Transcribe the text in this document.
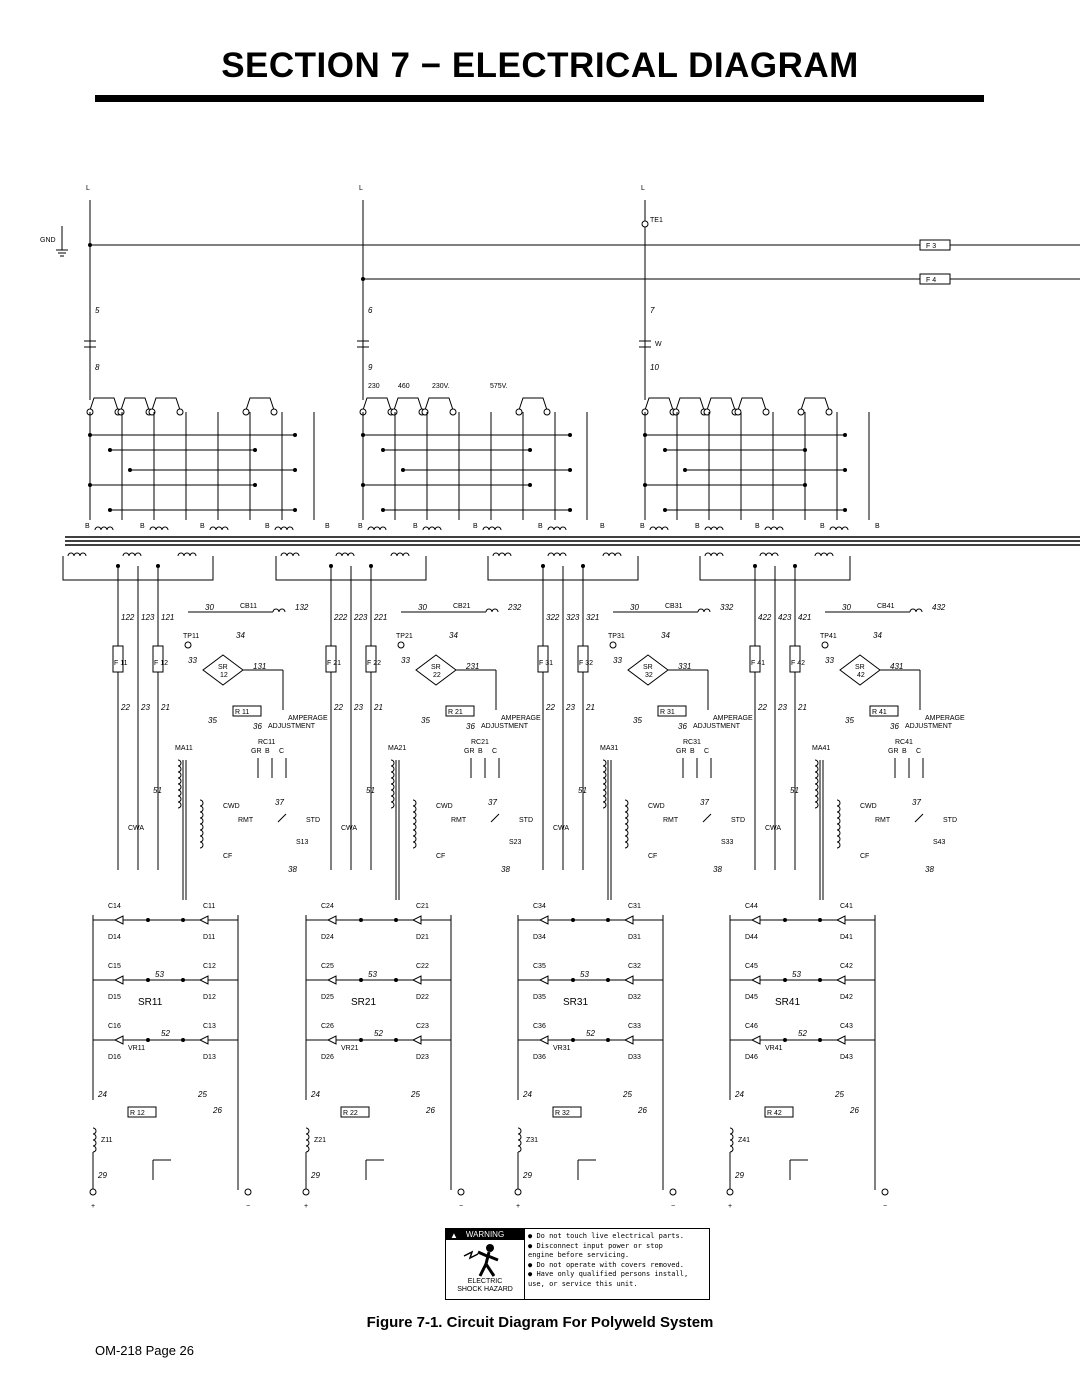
SECTION 7 − ELECTRICAL DIAGRAM
L
5
8
L
6
9
L
7
10
TE1
GND
F 3
F 4
W
230	460	230V.	575V.
B	B	B	B	B	B	B	B	B	B	B	B	B	B	B
122 123 121
F 11	F 12
22 23 21
30	CB11	132
TP11
SR
12
34
33
131
R 11
35
36
AMPERAGE
ADJUSTMENT
RC11
GR B C
MA11
51
CWD
CWA
CF
RMT	STD
S13
37
38
C14	C11
D14	D11
C15	C12
D15	D12
C16	C13
D16	D13
53
52
SR11
VR11
R 12
24	25
26
Z11
29
+	−
222 223 221
F 21	F 22
22 23 21
30	CB21	232
TP21
SR
22
34
33
231
R 21
35
36
AMPERAGE
ADJUSTMENT
RC21
GR B C
MA21
51
CWD
CWA
CF
RMT	STD
S23
37
38
C24	C21
D24	D21
C25	C22
D25	D22
C26	C23
D26	D23
53
52
SR21
VR21
R 22
24	25
26
Z21
29
+	−
322 323 321
F 31	F 32
22 23 21
30	CB31	332
TP31
SR
32
34
33
331
R 31
35
36
AMPERAGE
ADJUSTMENT
RC31
GR B C
MA31
51
CWD
CWA
CF
RMT	STD
S33
37
38
C34	C31
D34	D31
C35	C32
D35	D32
C36	C33
D36	D33
53
52
SR31
VR31
R 32
24	25
26
Z31
29
+	−
422 423 421
F 41	F 42
22 23 21
30	CB41	432
TP41
SR
42
34
33
431
R 41
35
36
AMPERAGE
ADJUSTMENT
RC41
GR B C
MA41
51
CWD
CWA
CF
RMT	STD
S43
37
38
C44	C41
D44	D41
C45	C42
D45	D42
C46	C43
D46	D43
53
52
SR41
VR41
R 42
24	25
26
Z41
29
+	−
▲ WARNING
ELECTRIC
SHOCK HAZARD
● Do not touch live electrical parts.
● Disconnect input power or stop
engine before servicing.
● Do not operate with covers removed.
● Have only qualified persons install,
use, or service this unit.
Figure 7-1. Circuit Diagram For Polyweld System
OM-218 Page 26
